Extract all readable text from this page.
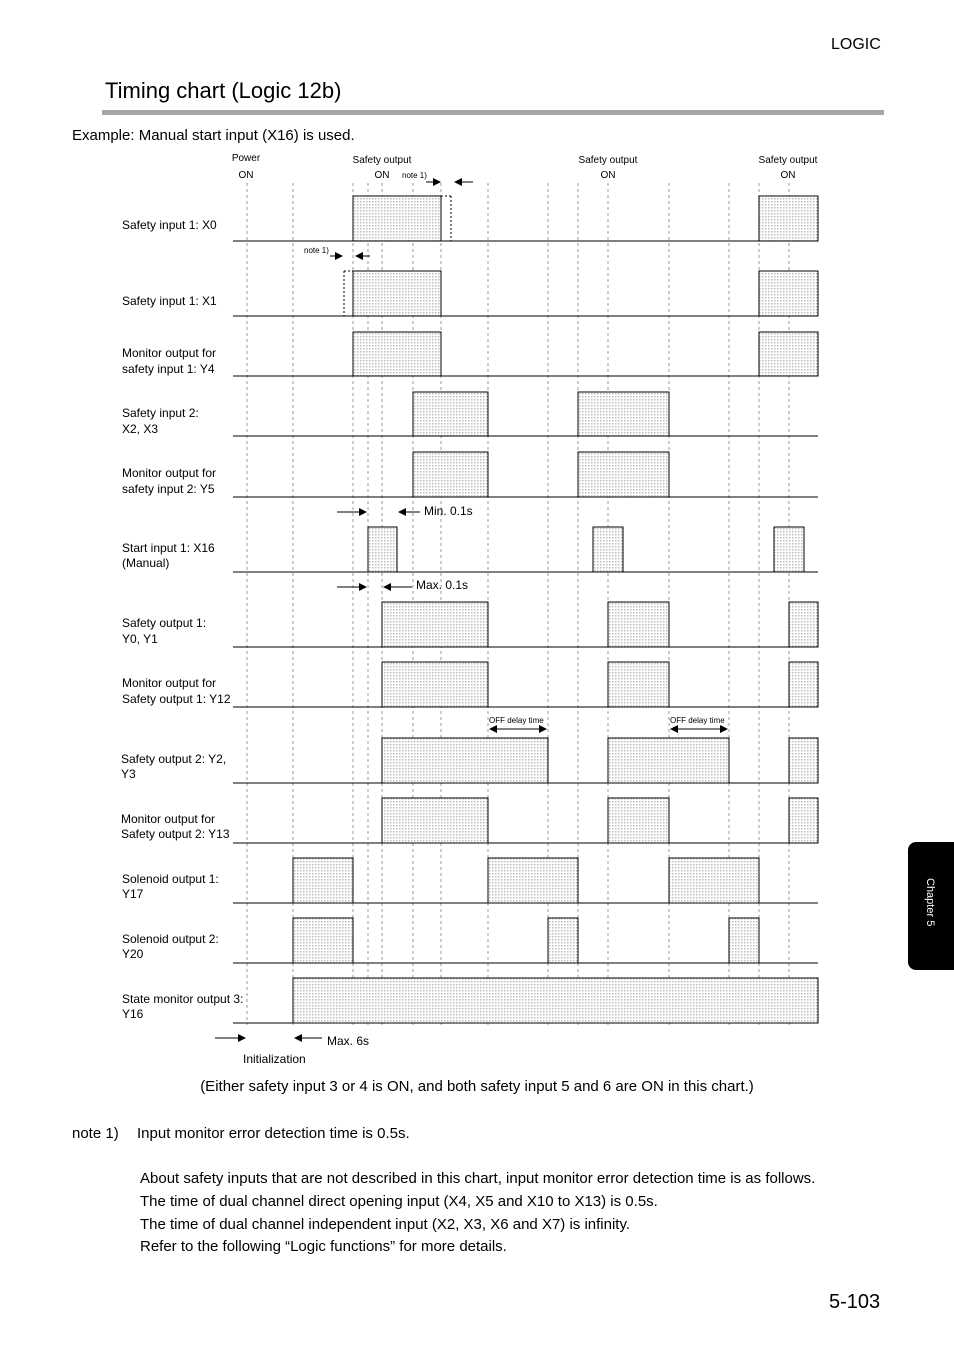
LOGIC
Timing chart (Logic 12b)
Example: Manual start input (X16) is used.
Power
ON
Safety output
ON
Safety output
ON
Safety output
ON
note 1)
note 1)
Min. 0.1s
Max. 0.1s
OFF delay time	OFF delay time
Max. 6s
Initialization
Safety input 1: X0
Safety input 1: X1
Monitor output for
safety input 1: Y4
Safety input 2:
X2, X3
Monitor output for
safety input 2: Y5
Start input 1: X16
(Manual)
Safety output 1:
Y0, Y1
Monitor output for
Safety output 1: Y12
Safety output 2: Y2,
Y3
Monitor output for
Safety output 2: Y13
Solenoid output 1:
Y17
Solenoid output 2:
Y20
State monitor output 3:
Y16
(Either safety input 3 or 4 is ON, and both safety input 5 and 6 are ON in this chart.)
note 1) Input monitor error detection time is 0.5s.
About safety inputs that are not described in this chart, input monitor error detection time is as follows.
The time of dual channel direct opening input (X4, X5 and X10 to X13) is 0.5s.
The time of dual channel independent input (X2, X3, X6 and X7) is infinity.
Refer to the following “Logic functions” for more details.
Chapter 5
5-103
